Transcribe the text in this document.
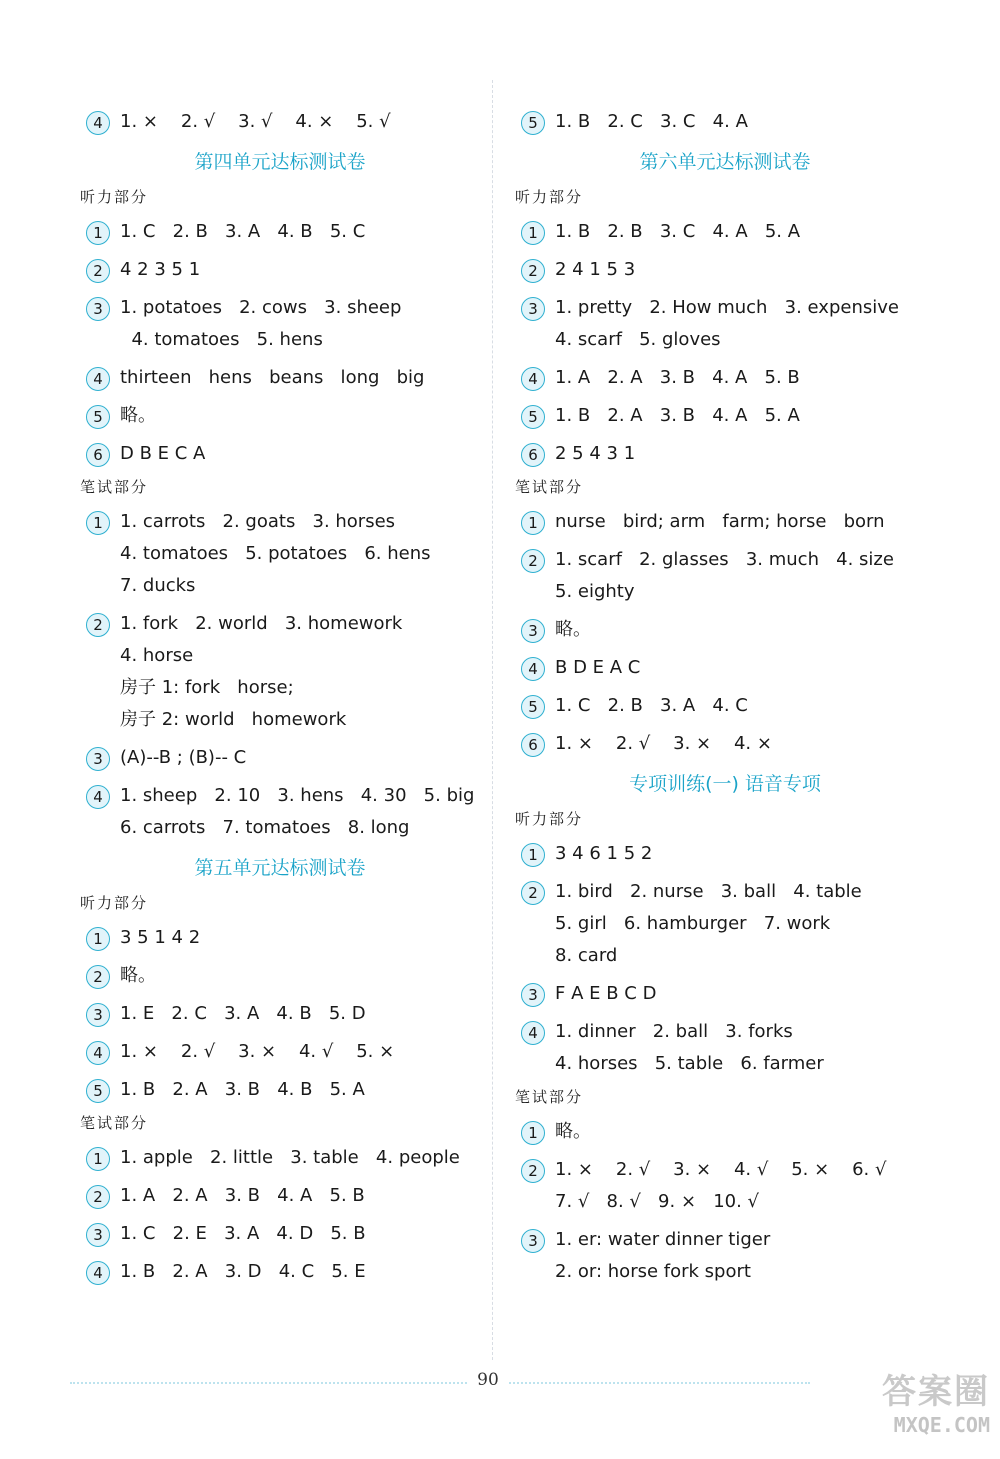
4 1. ×    2. √    3. √    4. ×    5. √
第四单元达标测试卷
听力部分
1 1. C   2. B   3. A   4. B   5. C
2 4 2 3 5 1
3 1. potatoes   2. cows   3. sheep
4. tomatoes   5. hens
4 thirteen   hens   beans   long   big
5 略。
6 D B E C A
笔试部分
1 1. carrots   2. goats   3. horses
4. tomatoes   5. potatoes   6. hens
7. ducks
2 1. fork   2. world   3. homework
4. horse
房子 1: fork   horse;
房子 2: world   homework
3 (A)--B ; (B)-- C
4 1. sheep   2. 10   3. hens   4. 30   5. big
6. carrots   7. tomatoes   8. long
第五单元达标测试卷
听力部分
1 3 5 1 4 2
2 略。
3 1. E   2. C   3. A   4. B   5. D
4 1. ×    2. √    3. ×    4. √    5. ×
5 1. B   2. A   3. B   4. B   5. A
笔试部分
1 1. apple   2. little   3. table   4. people
2 1. A   2. A   3. B   4. A   5. B
3 1. C   2. E   3. A   4. D   5. B
4 1. B   2. A   3. D   4. C   5. E
5 1. B   2. C   3. C   4. A
第六单元达标测试卷
听力部分
1 1. B   2. B   3. C   4. A   5. A
2 2 4 1 5 3
3 1. pretty   2. How much   3. expensive
4. scarf   5. gloves
4 1. A   2. A   3. B   4. A   5. B
5 1. B   2. A   3. B   4. A   5. A
6 2 5 4 3 1
笔试部分
1 nurse   bird; arm   farm; horse   born
2 1. scarf   2. glasses   3. much   4. size
5. eighty
3 略。
4 B D E A C
5 1. C   2. B   3. A   4. C
6 1. ×    2. √    3. ×    4. ×
专项训练(一) 语音专项
听力部分
1 3 4 6 1 5 2
2 1. bird   2. nurse   3. ball   4. table
5. girl   6. hamburger   7. work
8. card
3 F A E B C D
4 1. dinner   2. ball   3. forks
4. horses   5. table   6. farmer
笔试部分
1 略。
2 1. ×    2. √    3. ×    4. √    5. ×    6. √
7. √   8. √   9. ×   10. √
3 1. er: water dinner tiger
2. or: horse fork sport
90	答案圈
MXQE.COM
